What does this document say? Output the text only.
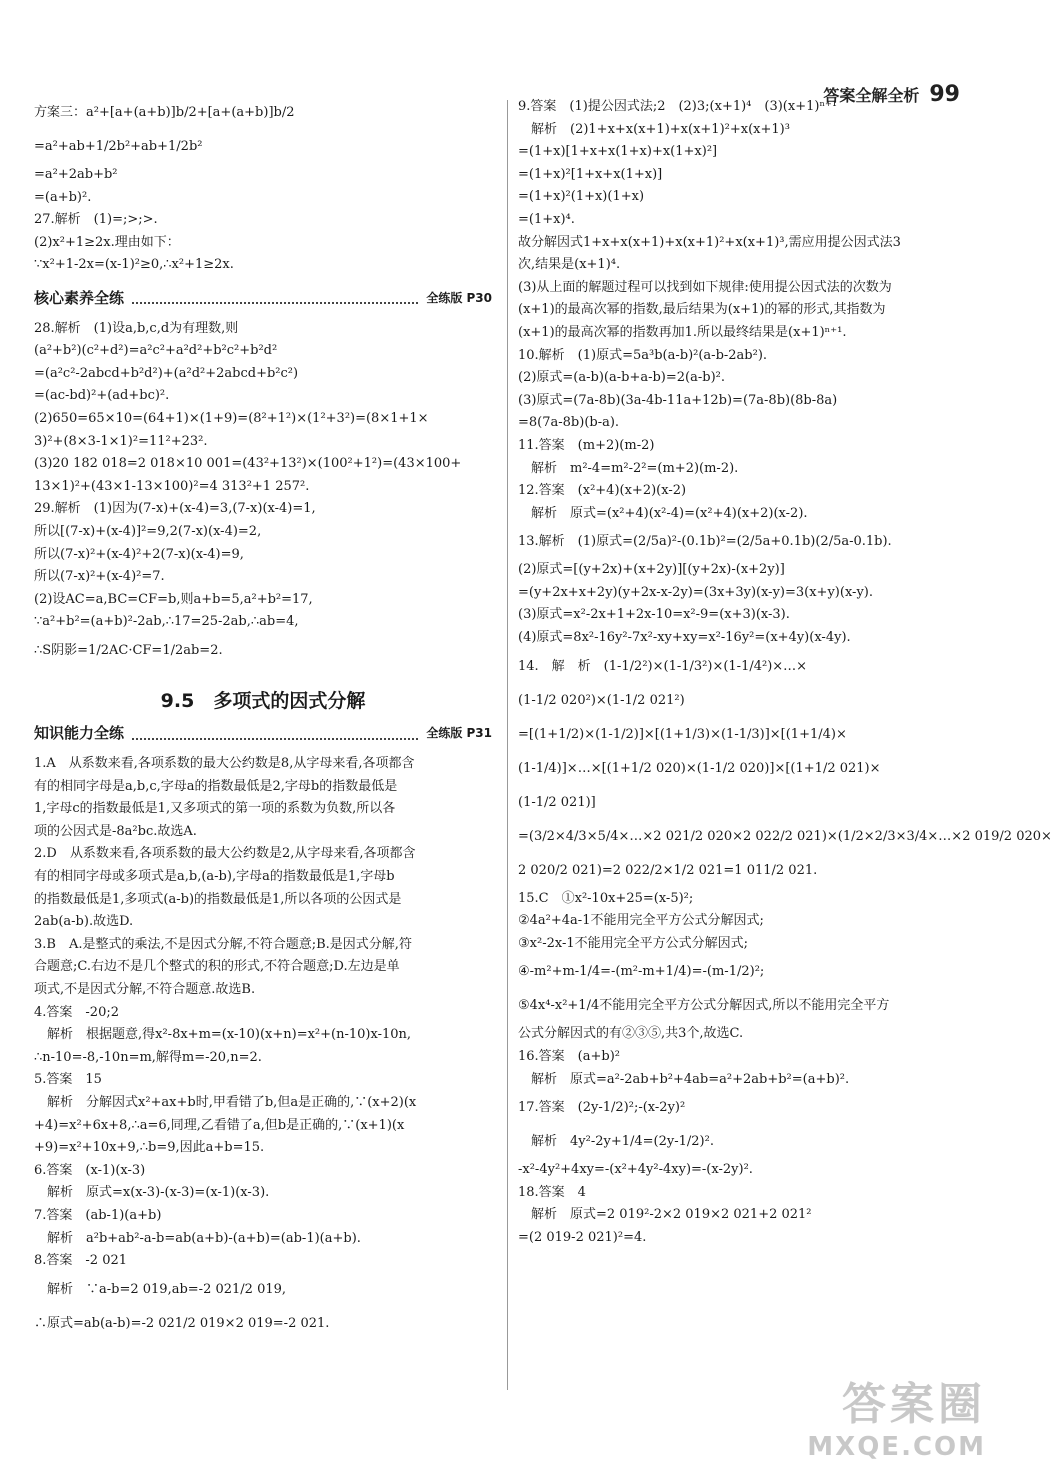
答案全解全析 99
方案三：a²+[a+(a+b)]b/2+[a+(a+b)]b/2
=a²+ab+1/2b²+ab+1/2b²
=a²+2ab+b²
=(a+b)².
27.解析　(1)=;>;>.
(2)x²+1≥2x.理由如下：
∵x²+1-2x=(x-1)²≥0,∴x²+1≥2x.
核心素养全练	全练版 P30
28.解析　(1)设a,b,c,d为有理数,则
(a²+b²)(c²+d²)=a²c²+a²d²+b²c²+b²d²
=(a²c²-2abcd+b²d²)+(a²d²+2abcd+b²c²)
=(ac-bd)²+(ad+bc)².
(2)650=65×10=(64+1)×(1+9)=(8²+1²)×(1²+3²)=(8×1+1×
3)²+(8×3-1×1)²=11²+23².
(3)20 182 018=2 018×10 001=(43²+13²)×(100²+1²)=(43×100+
13×1)²+(43×1-13×100)²=4 313²+1 257².
29.解析　(1)因为(7-x)+(x-4)=3,(7-x)(x-4)=1,
所以[(7-x)+(x-4)]²=9,2(7-x)(x-4)=2,
所以(7-x)²+(x-4)²+2(7-x)(x-4)=9,
所以(7-x)²+(x-4)²=7.
(2)设AC=a,BC=CF=b,则a+b=5,a²+b²=17,
∵a²+b²=(a+b)²-2ab,∴17=25-2ab,∴ab=4,
∴S阴影=1/2AC·CF=1/2ab=2.
9.5　多项式的因式分解
知识能力全练	全练版 P31
1.A　从系数来看,各项系数的最大公约数是8,从字母来看,各项都含
有的相同字母是a,b,c,字母a的指数最低是2,字母b的指数最低是
1,字母c的指数最低是1,又多项式的第一项的系数为负数,所以各
项的公因式是-8a²bc.故选A.
2.D　从系数来看,各项系数的最大公约数是2,从字母来看,各项都含
有的相同字母或多项式是a,b,(a-b),字母a的指数最低是1,字母b
的指数最低是1,多项式(a-b)的指数最低是1,所以各项的公因式是
2ab(a-b).故选D.
3.B　A.是整式的乘法,不是因式分解,不符合题意;B.是因式分解,符
合题意;C.右边不是几个整式的积的形式,不符合题意;D.左边是单
项式,不是因式分解,不符合题意.故选B.
4.答案　-20;2
　解析　根据题意,得x²-8x+m=(x-10)(x+n)=x²+(n-10)x-10n,
∴n-10=-8,-10n=m,解得m=-20,n=2.
5.答案　15
　解析　分解因式x²+ax+b时,甲看错了b,但a是正确的,∵(x+2)(x
+4)=x²+6x+8,∴a=6,同理,乙看错了a,但b是正确的,∵(x+1)(x
+9)=x²+10x+9,∴b=9,因此a+b=15.
6.答案　(x-1)(x-3)
　解析　原式=x(x-3)-(x-3)=(x-1)(x-3).
7.答案　(ab-1)(a+b)
　解析　a²b+ab²-a-b=ab(a+b)-(a+b)=(ab-1)(a+b).
8.答案　-2 021
　解析　∵a-b=2 019,ab=-2 021/2 019,
∴原式=ab(a-b)=-2 021/2 019×2 019=-2 021.
9.答案　(1)提公因式法;2　(2)3;(x+1)⁴　(3)(x+1)ⁿ⁺¹
　解析　(2)1+x+x(x+1)+x(x+1)²+x(x+1)³
=(1+x)[1+x+x(1+x)+x(1+x)²]
=(1+x)²[1+x+x(1+x)]
=(1+x)²(1+x)(1+x)
=(1+x)⁴.
故分解因式1+x+x(x+1)+x(x+1)²+x(x+1)³,需应用提公因式法3
次,结果是(x+1)⁴.
(3)从上面的解题过程可以找到如下规律:使用提公因式法的次数为
(x+1)的最高次幂的指数,最后结果为(x+1)的幂的形式,其指数为
(x+1)的最高次幂的指数再加1.所以最终结果是(x+1)ⁿ⁺¹.
10.解析　(1)原式=5a³b(a-b)²(a-b-2ab²).
(2)原式=(a-b)(a-b+a-b)=2(a-b)².
(3)原式=(7a-8b)(3a-4b-11a+12b)=(7a-8b)(8b-8a)
=8(7a-8b)(b-a).
11.答案　(m+2)(m-2)
　解析　m²-4=m²-2²=(m+2)(m-2).
12.答案　(x²+4)(x+2)(x-2)
　解析　原式=(x²+4)(x²-4)=(x²+4)(x+2)(x-2).
13.解析　(1)原式=(2/5a)²-(0.1b)²=(2/5a+0.1b)(2/5a-0.1b).
(2)原式=[(y+2x)+(x+2y)][(y+2x)-(x+2y)]
=(y+2x+x+2y)(y+2x-x-2y)=(3x+3y)(x-y)=3(x+y)(x-y).
(3)原式=x²-2x+1+2x-10=x²-9=(x+3)(x-3).
(4)原式=8x²-16y²-7x²-xy+xy=x²-16y²=(x+4y)(x-4y).
14.　解　析　(1-1/2²)×(1-1/3²)×(1-1/4²)×…×
(1-1/2 020²)×(1-1/2 021²)
=[(1+1/2)×(1-1/2)]×[(1+1/3)×(1-1/3)]×[(1+1/4)×
(1-1/4)]×…×[(1+1/2 020)×(1-1/2 020)]×[(1+1/2 021)×
(1-1/2 021)]
=(3/2×4/3×5/4×…×2 021/2 020×2 022/2 021)×(1/2×2/3×3/4×…×2 019/2 020×
2 020/2 021)=2 022/2×1/2 021=1 011/2 021.
15.C　①x²-10x+25=(x-5)²;
②4a²+4a-1不能用完全平方公式分解因式;
③x²-2x-1不能用完全平方公式分解因式;
④-m²+m-1/4=-(m²-m+1/4)=-(m-1/2)²;
⑤4x⁴-x²+1/4不能用完全平方公式分解因式,所以不能用完全平方
公式分解因式的有②③⑤,共3个,故选C.
16.答案　(a+b)²
　解析　原式=a²-2ab+b²+4ab=a²+2ab+b²=(a+b)².
17.答案　(2y-1/2)²;-(x-2y)²
　解析　4y²-2y+1/4=(2y-1/2)².
-x²-4y²+4xy=-(x²+4y²-4xy)=-(x-2y)².
18.答案　4
　解析　原式=2 019²-2×2 019×2 021+2 021²
=(2 019-2 021)²=4.
答案圈
MXQE.COM
